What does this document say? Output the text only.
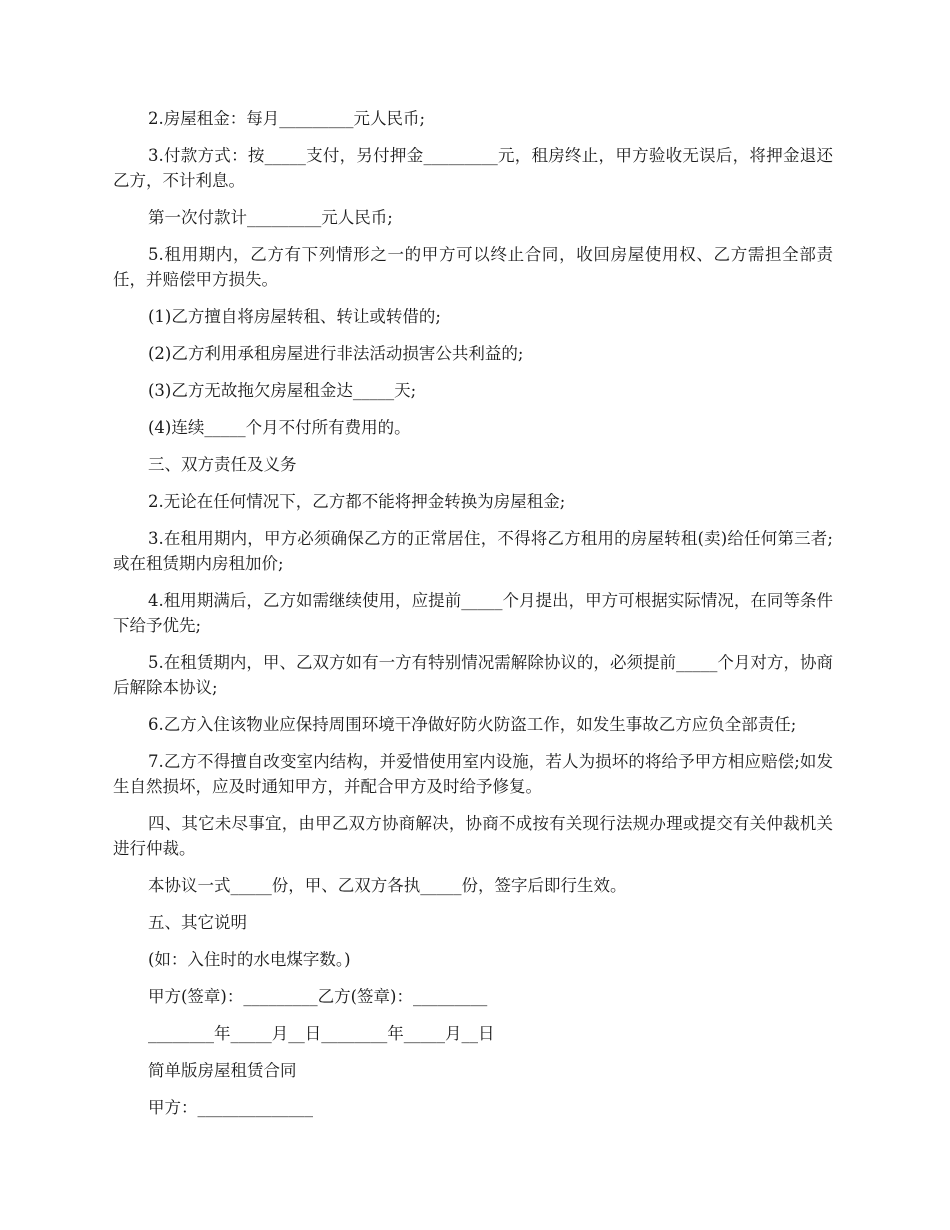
2.房屋租金：每月_________元人民币;

3.付款方式：按_____支付，另付押金_________元，租房终止，甲方验收无误后，将押金退还乙方，不计利息。

第一次付款计_________元人民币;

5.租用期内，乙方有下列情形之一的甲方可以终止合同，收回房屋使用权、乙方需担全部责任，并赔偿甲方损失。

(1)乙方擅自将房屋转租、转让或转借的;

(2)乙方利用承租房屋进行非法活动损害公共利益的;

(3)乙方无故拖欠房屋租金达_____天;

(4)连续_____个月不付所有费用的。

三、双方责任及义务

2.无论在任何情况下，乙方都不能将押金转换为房屋租金;

3.在租用期内，甲方必须确保乙方的正常居住，不得将乙方租用的房屋转租(卖)给任何第三者;或在租赁期内房租加价;

4.租用期满后，乙方如需继续使用，应提前_____个月提出，甲方可根据实际情况，在同等条件下给予优先;

5.在租赁期内，甲、乙双方如有一方有特别情况需解除协议的，必须提前_____个月对方，协商后解除本协议;

6.乙方入住该物业应保持周围环境干净做好防火防盗工作，如发生事故乙方应负全部责任;

7.乙方不得擅自改变室内结构，并爱惜使用室内设施，若人为损坏的将给予甲方相应赔偿;如发生自然损坏，应及时通知甲方，并配合甲方及时给予修复。

四、其它未尽事宜，由甲乙双方协商解决，协商不成按有关现行法规办理或提交有关仲裁机关进行仲裁。

本协议一式_____份，甲、乙双方各执_____份，签字后即行生效。

五、其它说明

(如：入住时的水电煤字数。)

甲方(签章)：_________乙方(签章)：_________

________年_____月__日________年_____月__日

简单版房屋租赁合同

甲方：______________
